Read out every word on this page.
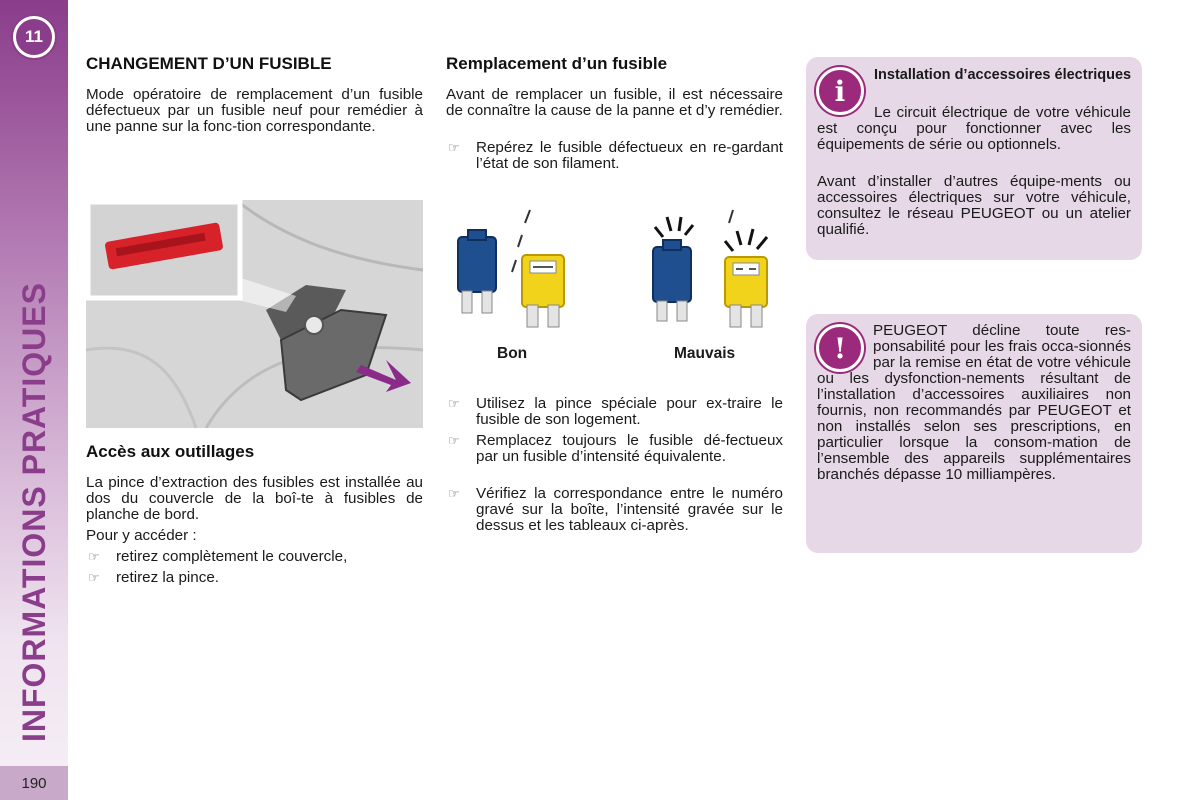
11
INFORMATIONS PRATIQUES
190
CHANGEMENT D’UN FUSIBLE

Mode opératoire de remplacement d’un fusible défectueux par un fusible neuf pour remédier à une panne sur la fonc-tion correspondante.

Accès aux outillages

La pince d’extraction des fusibles est installée au dos du couvercle de la boî-te à fusibles de planche de bord.

Pour y accéder :

☞ retirez complètement le couvercle,
☞ retirez la pince.
Remplacement d’un fusible

Avant de remplacer un fusible, il est nécessaire de connaître la cause de la panne et d’y remédier.

☞ Repérez le fusible défectueux en re-gardant l’état de son filament.
Bon	Mauvais
☞ Utilisez la pince spéciale pour ex-traire le fusible de son logement.
☞ Remplacez toujours le fusible dé-fectueux par un fusible d’intensité équivalente.
☞ Vérifiez la correspondance entre le numéro gravé sur la boîte, l’intensité gravée sur le dessus et les tableaux ci-après.
i	Installation d’accessoires électriques
Le circuit électrique de votre véhicule est conçu pour fonctionner avec les équipements de série ou optionnels.
Avant d’installer d’autres équipe-ments ou accessoires électriques sur votre véhicule, consultez le réseau PEUGEOT ou un atelier qualifié.
!
PEUGEOT décline toute res-ponsabilité pour les frais occa-sionnés par la remise en état de votre véhicule ou les dysfonction-nements résultant de l’installation d’accessoires auxiliaires non fournis, non recommandés par PEUGEOT et non installés selon ses prescriptions, en particulier lorsque la consom-mation de l’ensemble des appareils supplémentaires branchés dépasse 10 milliampères.
